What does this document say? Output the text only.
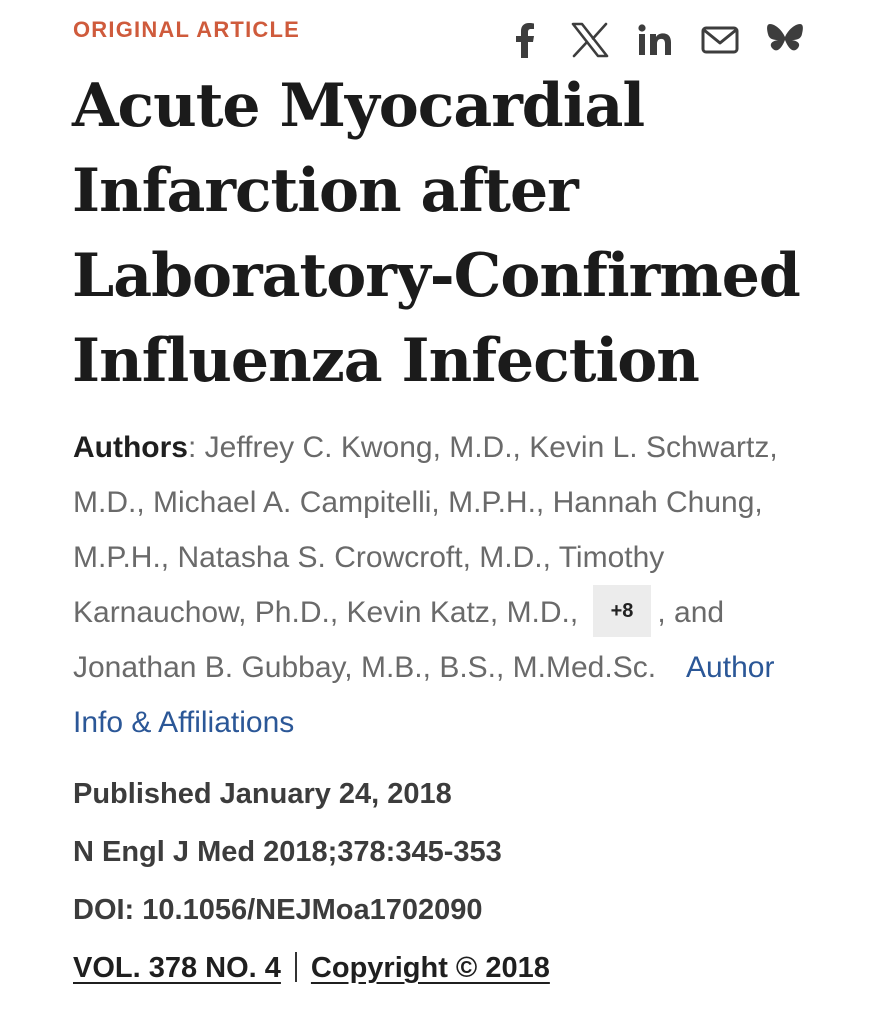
ORIGINAL ARTICLE

Acute Myocardial Infarction after Laboratory-Confirmed Influenza Infection

Authors: Jeffrey C. Kwong, M.D., Kevin L. Schwartz, M.D., Michael A. Campitelli, M.P.H., Hannah Chung, M.P.H., Natasha S. Crowcroft, M.D., Timothy Karnauchow, Ph.D., Kevin Katz, M.D., +8 , and Jonathan B. Gubbay, M.B., B.S., M.Med.Sc. Author Info & Affiliations

Published January 24, 2018
N Engl J Med 2018;378:345-353
DOI: 10.1056/NEJMoa1702090
VOL. 378 NO. 4 Copyright © 2018
